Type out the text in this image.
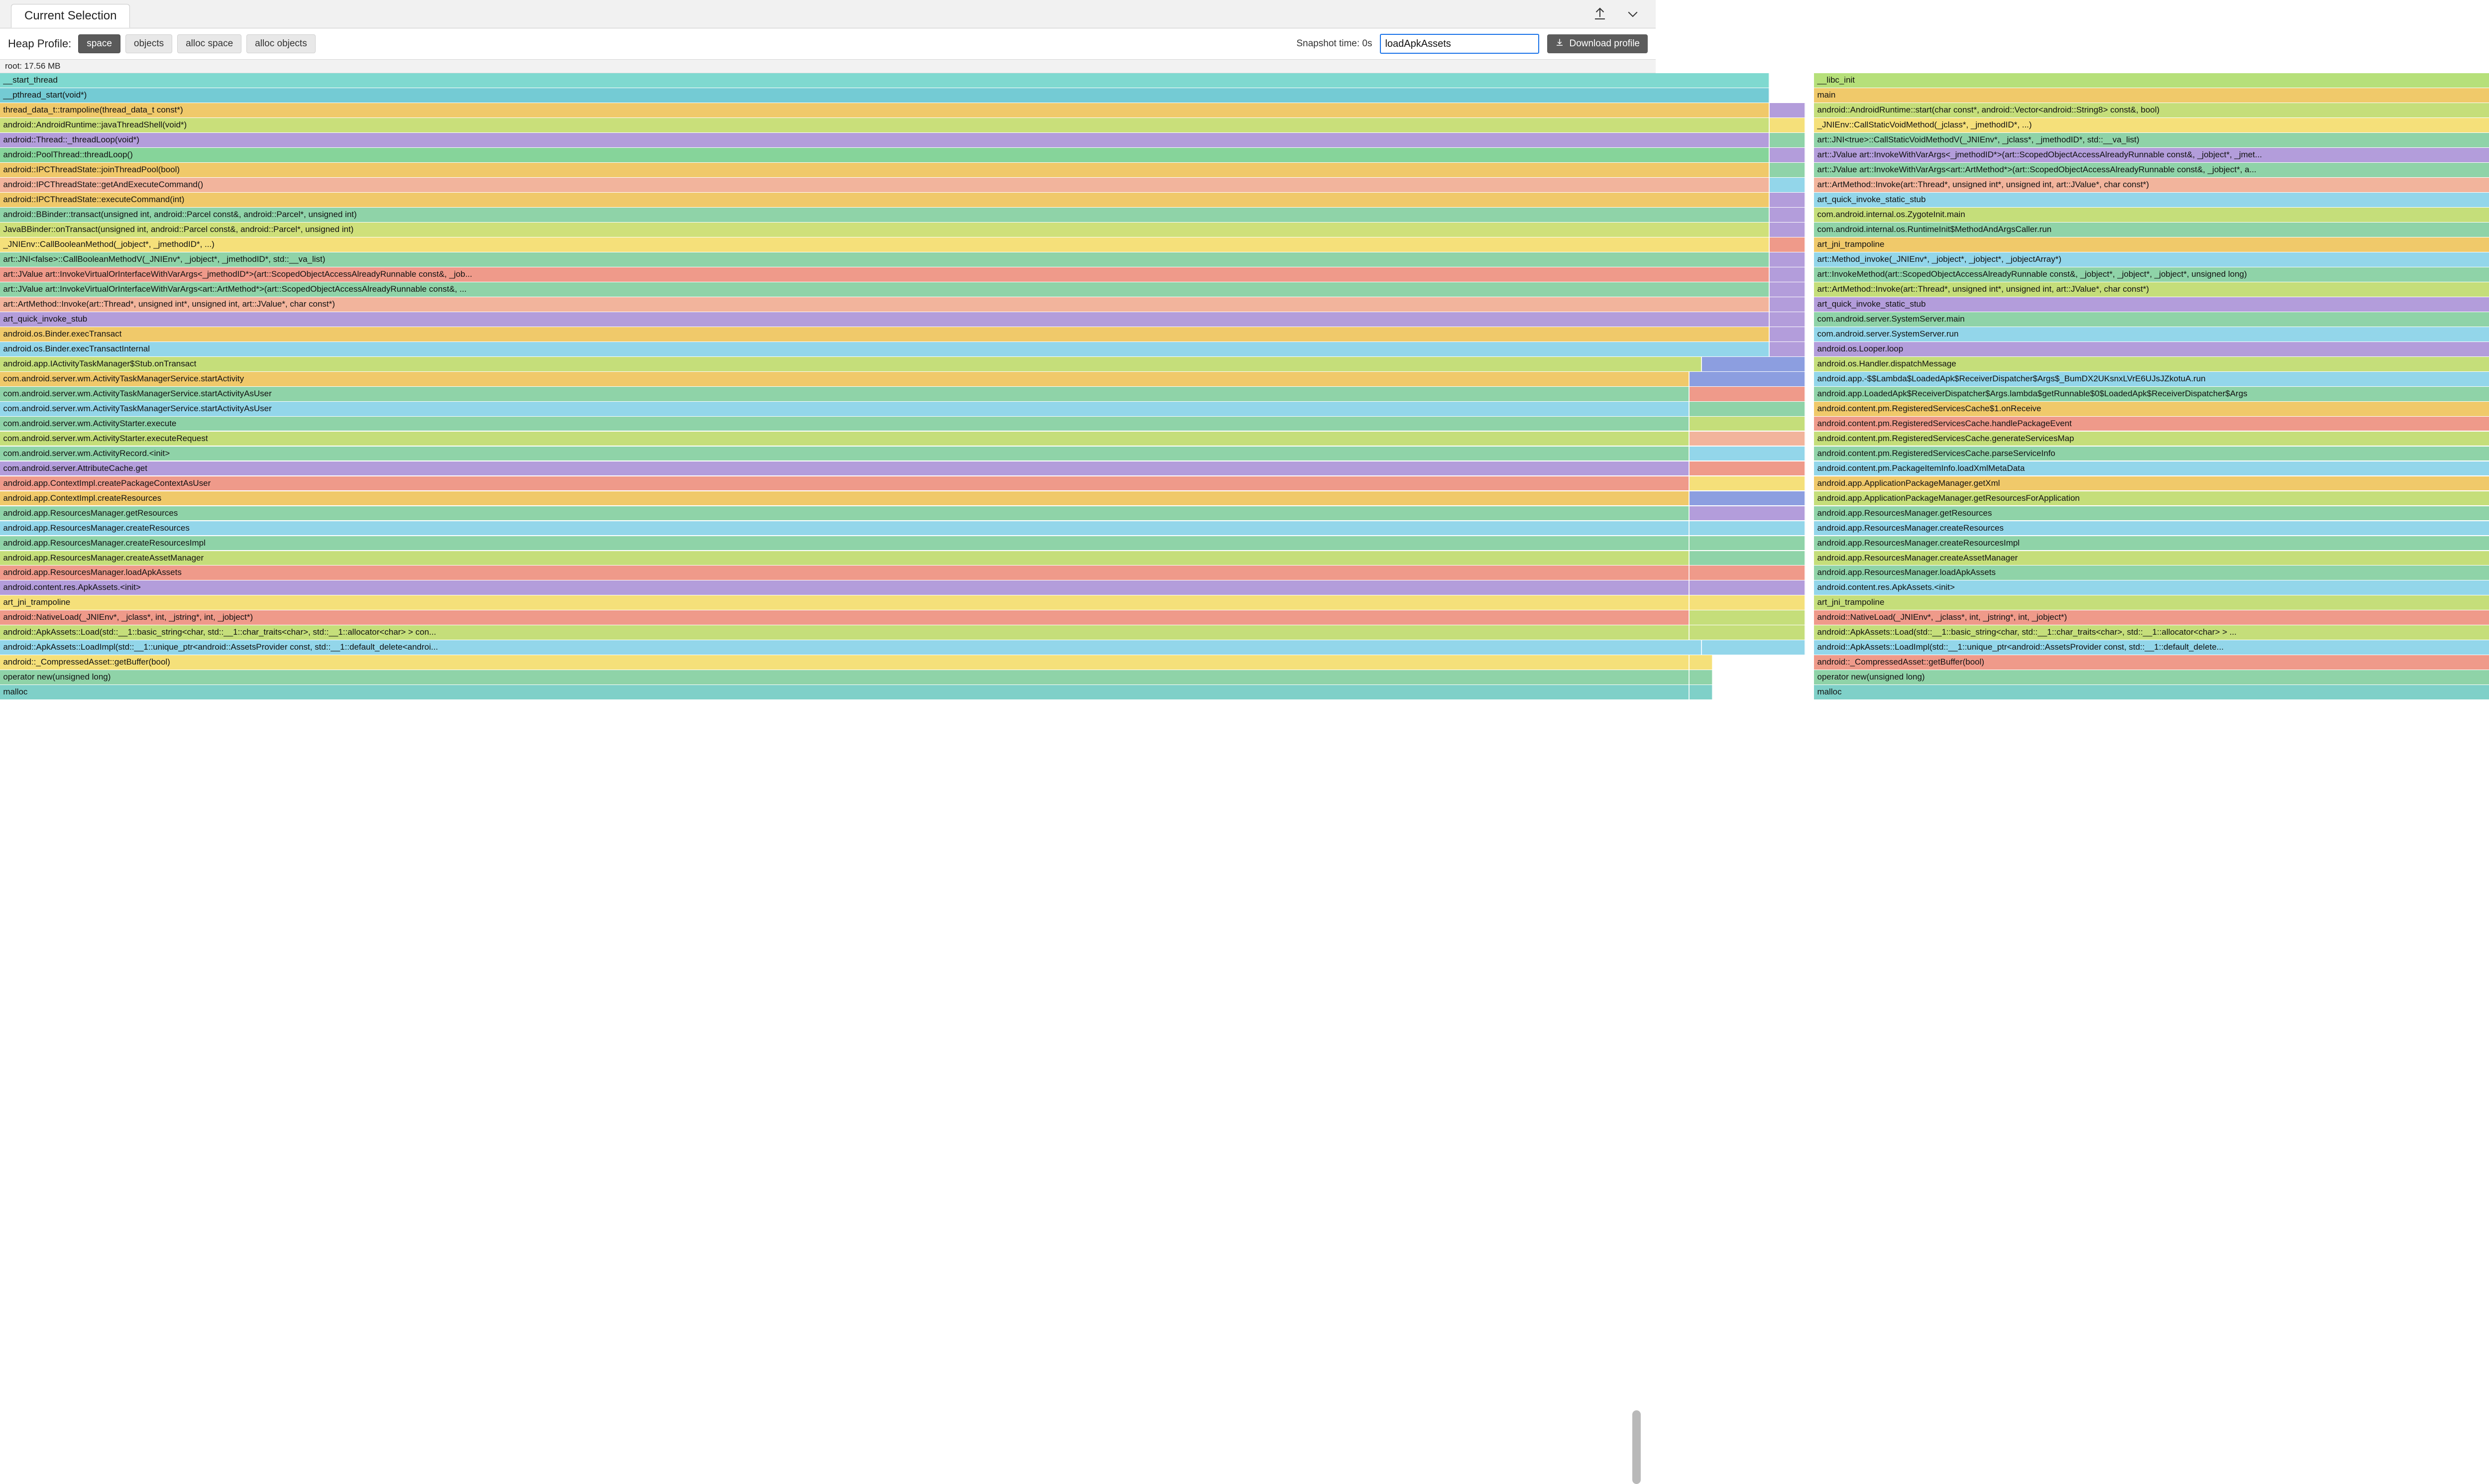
Current Selection
Heap Profile:	space	objects	alloc space	alloc objects	Snapshot time: 0s
loadApkAssets	Download profile
root: 17.56 MB
__start_thread	__libc_init
__pthread_start(void*)	main
thread_data_t::trampoline(thread_data_t const*)	android::AndroidRuntime::start(char const*, android::Vector<android::String8> const&, bool)
android::AndroidRuntime::javaThreadShell(void*)	_JNIEnv::CallStaticVoidMethod(_jclass*, _jmethodID*, ...)
android::Thread::_threadLoop(void*)	art::JNI<true>::CallStaticVoidMethodV(_JNIEnv*, _jclass*, _jmethodID*, std::__va_list)
android::PoolThread::threadLoop()	art::JValue art::InvokeWithVarArgs<_jmethodID*>(art::ScopedObjectAccessAlreadyRunnable const&, _jobject*, _jmet...
android::IPCThreadState::joinThreadPool(bool)	art::JValue art::InvokeWithVarArgs<art::ArtMethod*>(art::ScopedObjectAccessAlreadyRunnable const&, _jobject*, a...
android::IPCThreadState::getAndExecuteCommand()	art::ArtMethod::Invoke(art::Thread*, unsigned int*, unsigned int, art::JValue*, char const*)
android::IPCThreadState::executeCommand(int)	art_quick_invoke_static_stub
android::BBinder::transact(unsigned int, android::Parcel const&, android::Parcel*, unsigned int)	com.android.internal.os.ZygoteInit.main
JavaBBinder::onTransact(unsigned int, android::Parcel const&, android::Parcel*, unsigned int)	com.android.internal.os.RuntimeInit$MethodAndArgsCaller.run
_JNIEnv::CallBooleanMethod(_jobject*, _jmethodID*, ...)	art_jni_trampoline
art::JNI<false>::CallBooleanMethodV(_JNIEnv*, _jobject*, _jmethodID*, std::__va_list)	art::Method_invoke(_JNIEnv*, _jobject*, _jobject*, _jobjectArray*)
art::JValue art::InvokeVirtualOrInterfaceWithVarArgs<_jmethodID*>(art::ScopedObjectAccessAlreadyRunnable const&, _job...	art::InvokeMethod(art::ScopedObjectAccessAlreadyRunnable const&, _jobject*, _jobject*, _jobject*, unsigned long)
art::JValue art::InvokeVirtualOrInterfaceWithVarArgs<art::ArtMethod*>(art::ScopedObjectAccessAlreadyRunnable const&, ...	art::ArtMethod::Invoke(art::Thread*, unsigned int*, unsigned int, art::JValue*, char const*)
art::ArtMethod::Invoke(art::Thread*, unsigned int*, unsigned int, art::JValue*, char const*)	art_quick_invoke_static_stub
art_quick_invoke_stub	com.android.server.SystemServer.main
android.os.Binder.execTransact	com.android.server.SystemServer.run
android.os.Binder.execTransactInternal	android.os.Looper.loop
android.app.IActivityTaskManager$Stub.onTransact	android.os.Handler.dispatchMessage
com.android.server.wm.ActivityTaskManagerService.startActivity	android.app.-$$Lambda$LoadedApk$ReceiverDispatcher$Args$_BumDX2UKsnxLVrE6UJsJZkotuA.run
com.android.server.wm.ActivityTaskManagerService.startActivityAsUser	android.app.LoadedApk$ReceiverDispatcher$Args.lambda$getRunnable$0$LoadedApk$ReceiverDispatcher$Args
com.android.server.wm.ActivityTaskManagerService.startActivityAsUser	android.content.pm.RegisteredServicesCache$1.onReceive
com.android.server.wm.ActivityStarter.execute	android.content.pm.RegisteredServicesCache.handlePackageEvent
com.android.server.wm.ActivityStarter.executeRequest	android.content.pm.RegisteredServicesCache.generateServicesMap
com.android.server.wm.ActivityRecord.<init>	android.content.pm.RegisteredServicesCache.parseServiceInfo
com.android.server.AttributeCache.get	android.content.pm.PackageItemInfo.loadXmlMetaData
android.app.ContextImpl.createPackageContextAsUser	android.app.ApplicationPackageManager.getXml
android.app.ContextImpl.createResources	android.app.ApplicationPackageManager.getResourcesForApplication
android.app.ResourcesManager.getResources	android.app.ResourcesManager.getResources
android.app.ResourcesManager.createResources	android.app.ResourcesManager.createResources
android.app.ResourcesManager.createResourcesImpl	android.app.ResourcesManager.createResourcesImpl
android.app.ResourcesManager.createAssetManager	android.app.ResourcesManager.createAssetManager
android.app.ResourcesManager.loadApkAssets	android.app.ResourcesManager.loadApkAssets
android.content.res.ApkAssets.<init>	android.content.res.ApkAssets.<init>
art_jni_trampoline	art_jni_trampoline
android::NativeLoad(_JNIEnv*, _jclass*, int, _jstring*, int, _jobject*)	android::NativeLoad(_JNIEnv*, _jclass*, int, _jstring*, int, _jobject*)
android::ApkAssets::Load(std::__1::basic_string<char, std::__1::char_traits<char>, std::__1::allocator<char> > con...	android::ApkAssets::Load(std::__1::basic_string<char, std::__1::char_traits<char>, std::__1::allocator<char> > ...
android::ApkAssets::LoadImpl(std::__1::unique_ptr<android::AssetsProvider const, std::__1::default_delete<androi...	android::ApkAssets::LoadImpl(std::__1::unique_ptr<android::AssetsProvider const, std::__1::default_delete...
android::_CompressedAsset::getBuffer(bool)	android::_CompressedAsset::getBuffer(bool)
operator new(unsigned long)	operator new(unsigned long)
malloc	malloc
